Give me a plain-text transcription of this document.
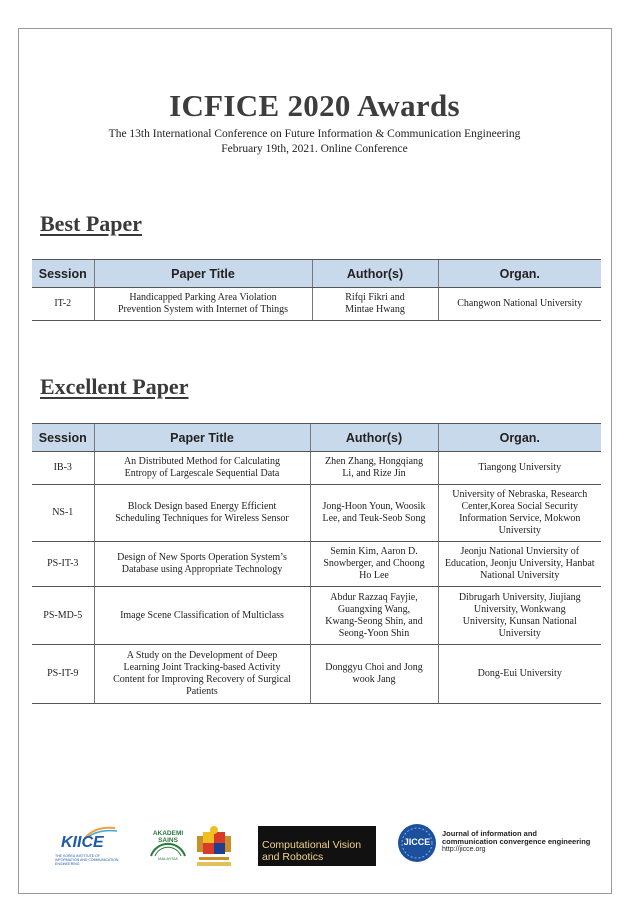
ICFICE 2020 Awards
The 13th International Conference on Future Information & Communication Engineering
February 19th, 2021. Online Conference
Best Paper
Session	Paper Title	Author(s)	Organ.
IT-2	Handicapped Parking Area Violation Prevention System with Internet of Things	Rifqi Fikri and Mintae Hwang	Changwon National University
Excellent Paper
Session	Paper Title	Author(s)	Organ.
IB-3	An Distributed Method for Calculating Entropy of Largescale Sequential Data	Zhen Zhang, Hongqiang Li, and Rize Jin	Tiangong University
NS-1	Block Design based Energy Efficient Scheduling Techniques for Wireless Sensor	Jong-Hoon Youn, Woosik Lee, and Teuk-Seob Song	University of Nebraska, Research Center,Korea Social Security Information Service, Mokwon University
PS-IT-3	Design of New Sports Operation System’s Database using Appropriate Technology	Semin Kim, Aaron D. Snowberger, and Choong Ho Lee	Jeonju National Unviersity of Education, Jeonju University, Hanbat National University
PS-MD-5	Image Scene Classification of Multiclass	Abdur Razzaq Fayjie, Guangxing Wang, Kwang-Seong Shin, and Seong-Yoon Shin	Dibrugarh University, Jiujiang University, Wonkwang University, Kunsan National University
PS-IT-9	A Study on the Development of Deep Learning Joint Tracking-based Activity Content for Improving Recovery of Surgical Patients	Donggyu Choi and Jong wook Jang	Dong-Eui University
KIICE
THE KOREA INSTITUTE OF INFORMATION AND COMMUNICATION ENGINEERING
AKADEMI SAINS
MALAYSIA
Computational Vision
and Robotics
JICCE
Journal of information and
communication convergence engineering
http://jicce.org
